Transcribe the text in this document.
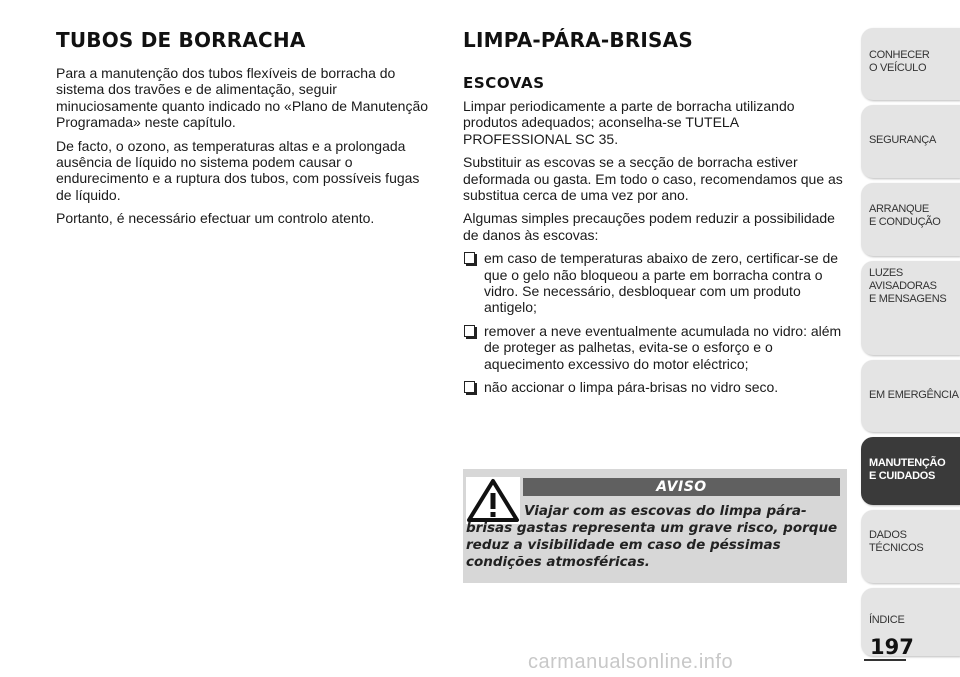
TUBOS DE BORRACHA

Para a manutenção dos tubos flexíveis de borracha do sistema dos travões e de alimentação, seguir minuciosamente quanto indicado no «Plano de Manutenção Programada» neste capítulo.

De facto, o ozono, as temperaturas altas e a prolongada ausência de líquido no sistema podem causar o endurecimento e a ruptura dos tubos, com possíveis fugas de líquido.

Portanto, é necessário efectuar um controlo atento.

LIMPA-PÁRA-BRISAS
ESCOVAS

Limpar periodicamente a parte de borracha utilizando produtos adequados; aconselha-se TUTELA PROFESSIONAL SC 35.

Substituir as escovas se a secção de borracha estiver deformada ou gasta. Em todo o caso, recomendamos que as substitua cerca de uma vez por ano.

Algumas simples precauções podem reduzir a possibilidade de danos às escovas:

em caso de temperaturas abaixo de zero, certificar-se de que o gelo não bloqueou a parte em borracha contra o vidro. Se necessário, desbloquear com um produto antigelo;
remover a neve eventualmente acumulada no vidro: além de proteger as palhetas, evita-se o esforço e o aquecimento excessivo do motor eléctrico;
não accionar o limpa pára-brisas no vidro seco.
AVISO
Viajar com as escovas do limpa pára-brisas gastas representa um grave risco, porque reduz a visibilidade em caso de péssimas condições atmosféricas.
CONHECER
O VEÍCULO
SEGURANÇA
ARRANQUE
E CONDUÇÃO
LUZES
AVISADORAS
E MENSAGENS
EM EMERGÊNCIA
MANUTENÇÃO
E CUIDADOS
DADOS
TÉCNICOS
ÍNDICE
197
carmanualsonline.info
